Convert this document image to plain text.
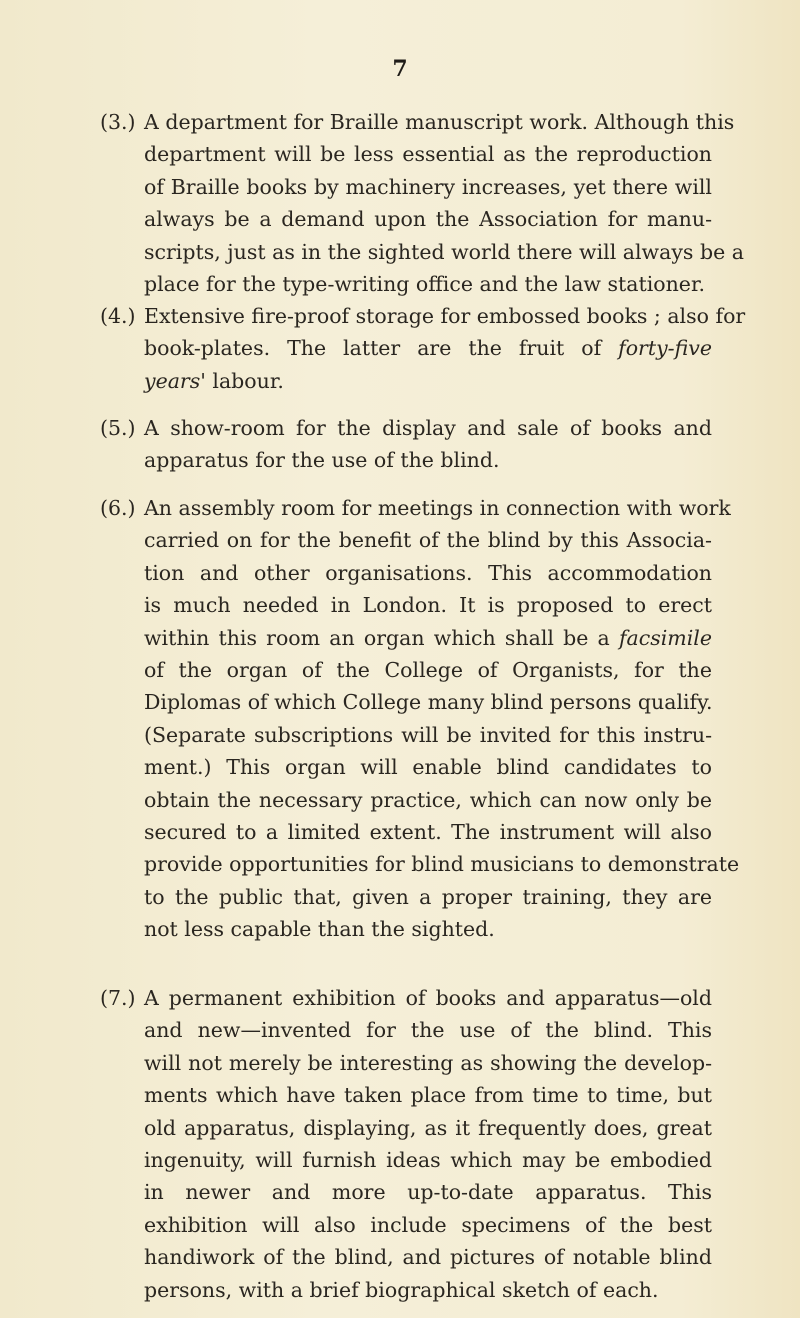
7
(3.) A department for Braille manuscript work. Although this
department will be less essential as the reproduction
of Braille books by machinery increases, yet there will
always be a demand upon the Association for manu-
scripts, just as in the sighted world there will always be a
place for the type-writing office and the law stationer.
(4.) Extensive fire-proof storage for embossed books ; also for
book-plates. The latter are the fruit of forty-five
years' labour.
(5.) A show-room for the display and sale of books and
apparatus for the use of the blind.
(6.) An assembly room for meetings in connection with work
carried on for the benefit of the blind by this Associa-
tion and other organisations. This accommodation
is much needed in London. It is proposed to erect
within this room an organ which shall be a facsimile
of the organ of the College of Organists, for the
Diplomas of which College many blind persons qualify.
(Separate subscriptions will be invited for this instru-
ment.) This organ will enable blind candidates to
obtain the necessary practice, which can now only be
secured to a limited extent. The instrument will also
provide opportunities for blind musicians to demonstrate
to the public that, given a proper training, they are
not less capable than the sighted.
(7.) A permanent exhibition of books and apparatus—old
and new—invented for the use of the blind. This
will not merely be interesting as showing the develop-
ments which have taken place from time to time, but
old apparatus, displaying, as it frequently does, great
ingenuity, will furnish ideas which may be embodied
in newer and more up-to-date apparatus. This
exhibition will also include specimens of the best
handiwork of the blind, and pictures of notable blind
persons, with a brief biographical sketch of each.
